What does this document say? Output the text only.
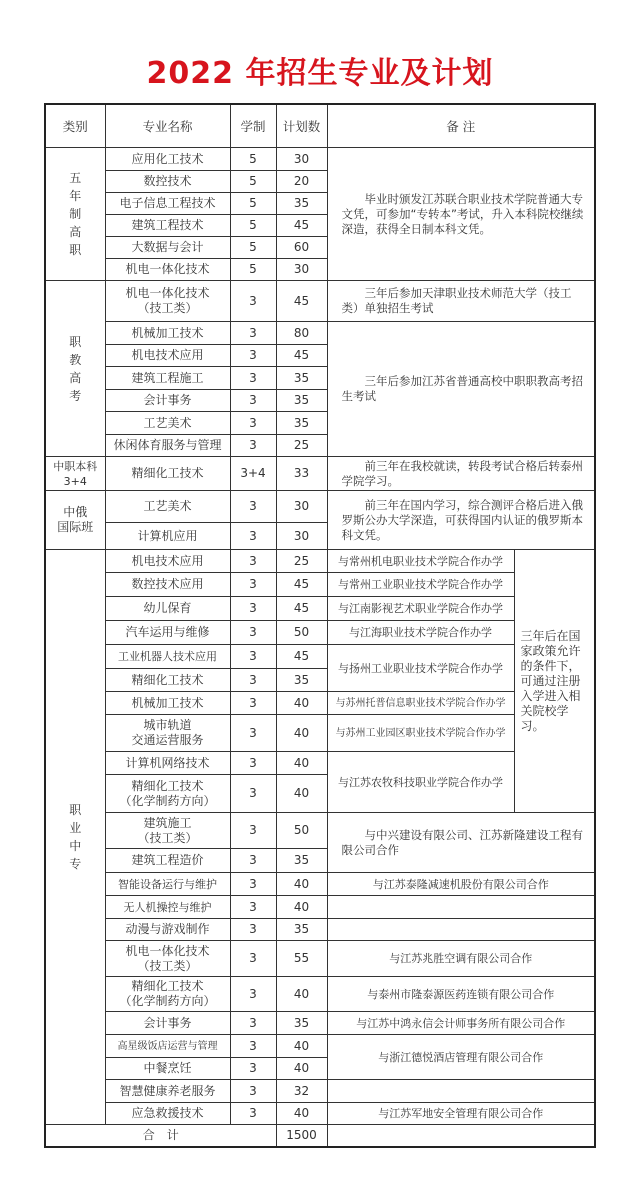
2022 年招生专业及计划
类别	专业名称	学制	计划数	备 注	
五年制高职	应用化工技术	5	30	毕业时颁发江苏联合职业技术学院普通大专文凭，可参加“专转本”考试，升入本科院校继续深造，获得全日制本科文凭。	
	数控技术	5	20		
	电子信息工程技术	5	35		
	建筑工程技术	5	45		
	大数据与会计	5	60		
	机电一体化技术	5	30		
职教高考	机电一体化技术
（技工类）	3	45	三年后参加天津职业技术师范大学（技工类）单独招生考试	
	机械加工技术	3	80	三年后参加江苏省普通高校中职职教高考招生考试	
	机电技术应用	3	45		
	建筑工程施工	3	35		
	会计事务	3	35		
	工艺美术	3	35		
	休闲体育服务与管理	3	25		

中职本科
3+4	精细化工技术	3+4	33	前三年在我校就读，转段考试合格后转泰州学院学习。	

中俄
国际班	工艺美术	3	30	前三年在国内学习，综合测评合格后进入俄罗斯公办大学深造，可获得国内认证的俄罗斯本科文凭。	
	计算机应用	3	30		
职业中专	机电技术应用	3	25	与常州机电职业技术学院合作办学	三年后在国家政策允许的条件下，可通过注册入学进入相关院校学习。
	数控技术应用	3	45	与常州工业职业技术学院合作办学	
	幼儿保育	3	45	与江南影视艺术职业学院合作办学	
	汽车运用与维修	3	50	与江海职业技术学院合作办学	
	工业机器人技术应用	3	45	与扬州工业职业技术学院合作办学	
	精细化工技术	3	35		
	机械加工技术	3	40	与苏州托普信息职业技术学院合作办学	

	城市轨道
交通运营服务	3	40	与苏州工业园区职业技术学院合作办学	
	计算机网络技术	3	40	与江苏农牧科技职业学院合作办学	

	精细化工技术
（化学制药方向）	3	40		

	建筑施工
（技工类）	3	50	与中兴建设有限公司、江苏新隆建设工程有限公司合作	
	建筑工程造价	3	35		
	智能设备运行与维护	3	40	与江苏泰隆减速机股份有限公司合作	
	无人机操控与维护	3	40		
	动漫与游戏制作	3	35		

	机电一体化技术
（技工类）	3	55	与江苏兆胜空调有限公司合作	

	精细化工技术
（化学制药方向）	3	40	与泰州市隆泰源医药连锁有限公司合作	
	会计事务	3	35	与江苏中鸿永信会计师事务所有限公司合作	
	高星级饭店运营与管理	3	40	与浙江德悦酒店管理有限公司合作	
	中餐烹饪	3	40		
	智慧健康养老服务	3	32		
	应急救援技术	3	40	与江苏军地安全管理有限公司合作	
合　计			1500		
